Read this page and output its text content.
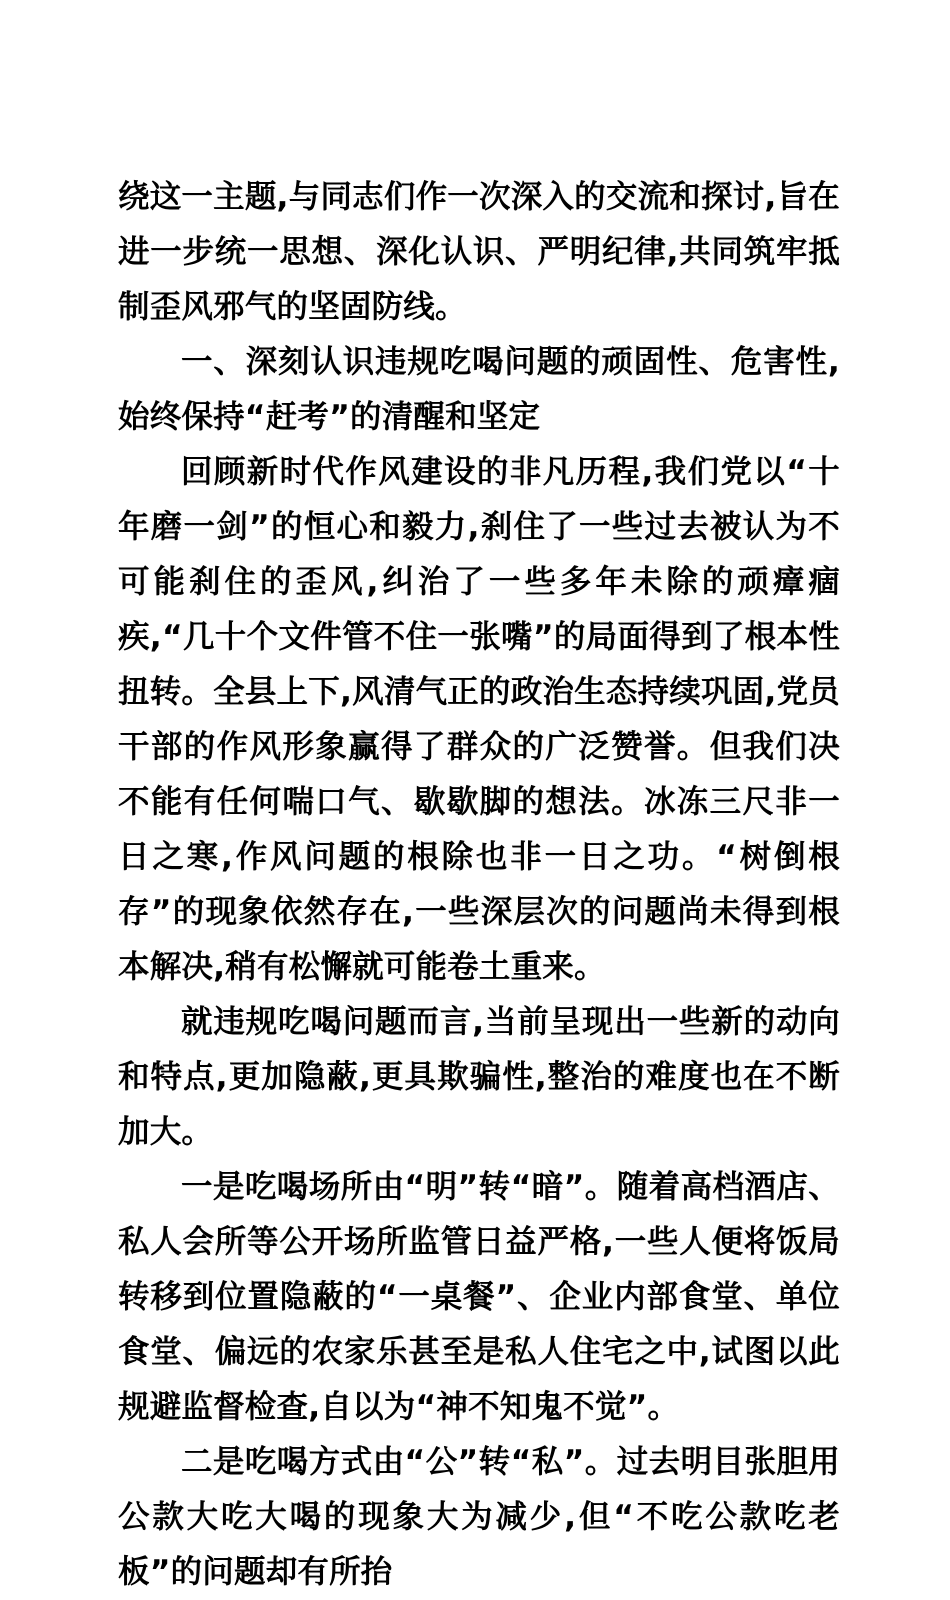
绕这一主题,与同志们作一次深入的交流和探讨,旨在进一步统一思想、深化认识、严明纪律,共同筑牢抵制歪风邪气的坚固防线。

一、深刻认识违规吃喝问题的顽固性、危害性,始终保持“赶考”的清醒和坚定

回顾新时代作风建设的非凡历程,我们党以“十年磨一剑”的恒心和毅力,刹住了一些过去被认为不可能刹住的歪风,纠治了一些多年未除的顽瘴痼疾,“几十个文件管不住一张嘴”的局面得到了根本性扭转。全县上下,风清气正的政治生态持续巩固,党员干部的作风形象赢得了群众的广泛赞誉。但我们决不能有任何喘口气、歇歇脚的想法。冰冻三尺非一日之寒,作风问题的根除也非一日之功。“树倒根存”的现象依然存在,一些深层次的问题尚未得到根本解决,稍有松懈就可能卷土重来。

就违规吃喝问题而言,当前呈现出一些新的动向和特点,更加隐蔽,更具欺骗性,整治的难度也在不断加大。

一是吃喝场所由“明”转“暗”。随着高档酒店、私人会所等公开场所监管日益严格,一些人便将饭局转移到位置隐蔽的“一桌餐”、企业内部食堂、单位食堂、偏远的农家乐甚至是私人住宅之中,试图以此规避监督检查,自以为“神不知鬼不觉”。

二是吃喝方式由“公”转“私”。过去明目张胆用公款大吃大喝的现象大为减少,但“不吃公款吃老板”的问题却有所抬
